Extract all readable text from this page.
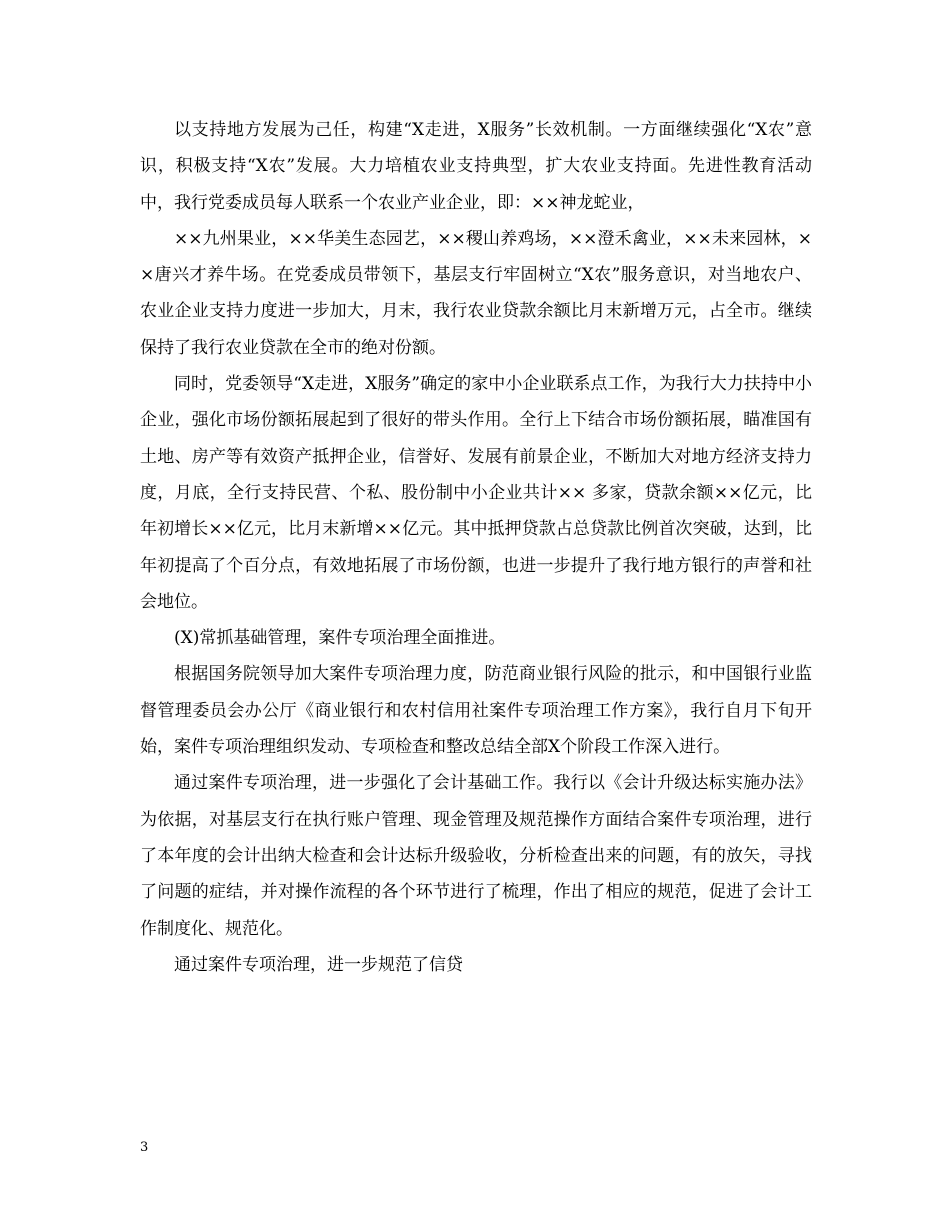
以支持地方发展为己任，构建“X走进，X服务”长效机制。一方面继续强化“X农”意识，积极支持“X农”发展。大力培植农业支持典型，扩大农业支持面。先进性教育活动中，我行党委成员每人联系一个农业产业企业，即：××神龙蛇业，

××九州果业，××华美生态园艺，××稷山养鸡场，××澄禾禽业，××未来园林，××唐兴才养牛场。在党委成员带领下，基层支行牢固树立“X农”服务意识，对当地农户、农业企业支持力度进一步加大，月末，我行农业贷款余额比月末新增万元，占全市。继续保持了我行农业贷款在全市的绝对份额。

同时，党委领导“X走进，X服务”确定的家中小企业联系点工作，为我行大力扶持中小企业，强化市场份额拓展起到了很好的带头作用。全行上下结合市场份额拓展，瞄准国有土地、房产等有效资产抵押企业，信誉好、发展有前景企业，不断加大对地方经济支持力度，月底，全行支持民营、个私、股份制中小企业共计×× 多家，贷款余额××亿元，比年初增长××亿元，比月末新增××亿元。其中抵押贷款占总贷款比例首次突破，达到，比年初提高了个百分点，有效地拓展了市场份额，也进一步提升了我行地方银行的声誉和社会地位。

(X)常抓基础管理，案件专项治理全面推进。

根据国务院领导加大案件专项治理力度，防范商业银行风险的批示，和中国银行业监督管理委员会办公厅《商业银行和农村信用社案件专项治理工作方案》，我行自月下旬开始，案件专项治理组织发动、专项检查和整改总结全部X个阶段工作深入进行。

通过案件专项治理，进一步强化了会计基础工作。我行以《会计升级达标实施办法》为依据，对基层支行在执行账户管理、现金管理及规范操作方面结合案件专项治理，进行了本年度的会计出纳大检查和会计达标升级验收，分析检查出来的问题，有的放矢，寻找了问题的症结，并对操作流程的各个环节进行了梳理，作出了相应的规范，促进了会计工作制度化、规范化。

通过案件专项治理，进一步规范了信贷

3
